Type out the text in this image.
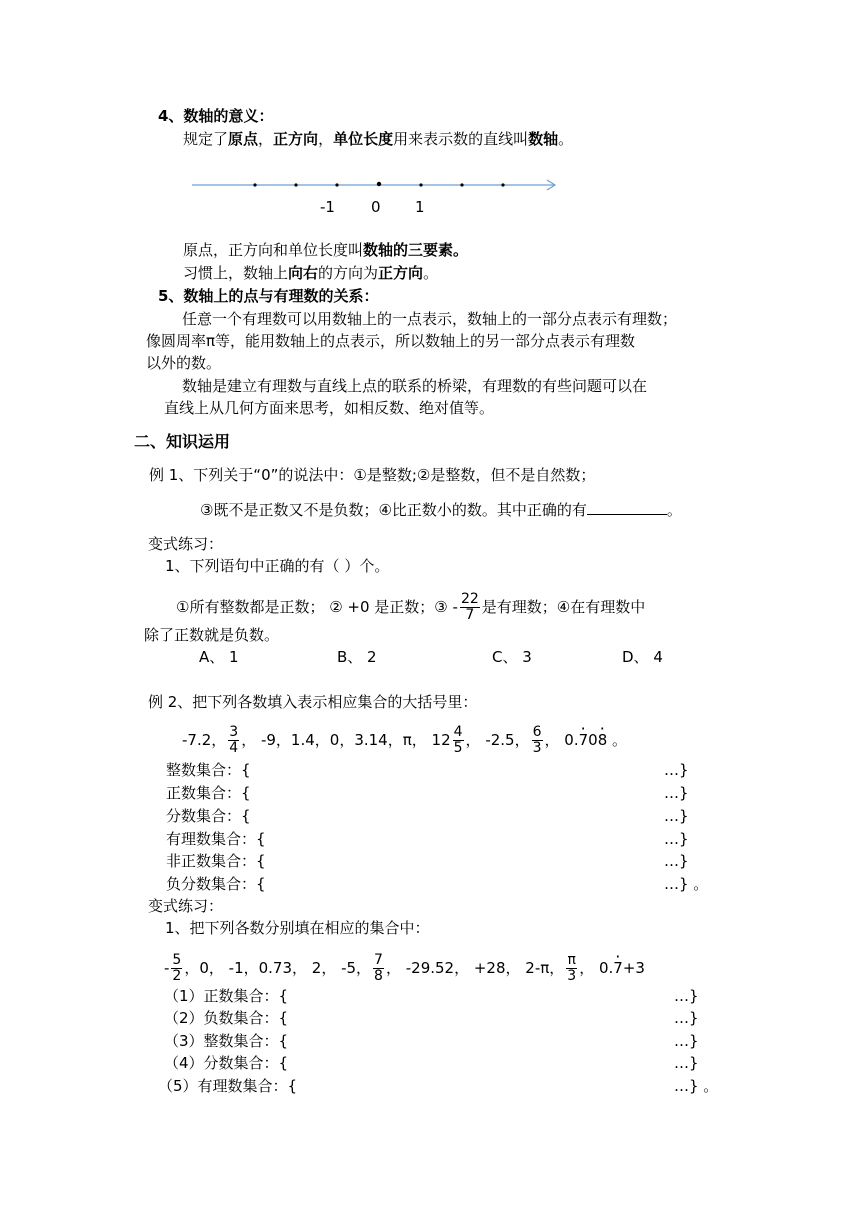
4、数轴的意义：
规定了原点，正方向，单位长度用来表示数的直线叫数轴。
-1 0 1
原点，正方向和单位长度叫数轴的三要素。
习惯上，数轴上向右的方向为正方向。
5、数轴上的点与有理数的关系：
任意一个有理数可以用数轴上的一点表示，数轴上的一部分点表示有理数；
像圆周率π等，能用数轴上的点表示，所以数轴上的另一部分点表示有理数
以外的数。
数轴是建立有理数与直线上点的联系的桥梁，有理数的有些问题可以在
直线上从几何方面来思考，如相反数、绝对值等。
二、知识运用
例 1、下列关于“0”的说法中：①是整数;②是整数，但不是自然数；
③既不是正数又不是负数；④比正数小的数。其中正确的有	。
变式练习：
1、下列语句中正确的有（ ）个。
①所有整数都是正数； ② +0 是正数；③ - $\frac{22}{7}$ 是有理数；④在有理数中
除了正数就是负数。
A、 1	B、 2	C、 3	D、 4
例 2、把下列各数填入表示相应集合的大括号里：
-7.2， $\frac{3}{4}$ ， -9，1.4，0，3.14，π， $12 \frac{4}{5}$ ， -2.5， $\frac{6}{3}$ ， 0.· 70· 8 。
整数集合：{	…}
正数集合：{	…}
分数集合：{	…}
有理数集合：{	…}
非正数集合：{	…}
负分数集合：{	…} 。
变式练习：
1、把下列各数分别填在相应的集合中：
- $\frac{5}{2}$ ，0， -1，0.73， 2， -5， $\frac{7}{8}$ ， -29.52， +28， 2-π， $\frac{\pi}{3}$ ， 0.· 7+3
（1）正数集合：{	…}
（2）负数集合：{	…}
（3）整数集合：{	…}
（4）分数集合：{	…}
（5）有理数集合：{	…} 。
